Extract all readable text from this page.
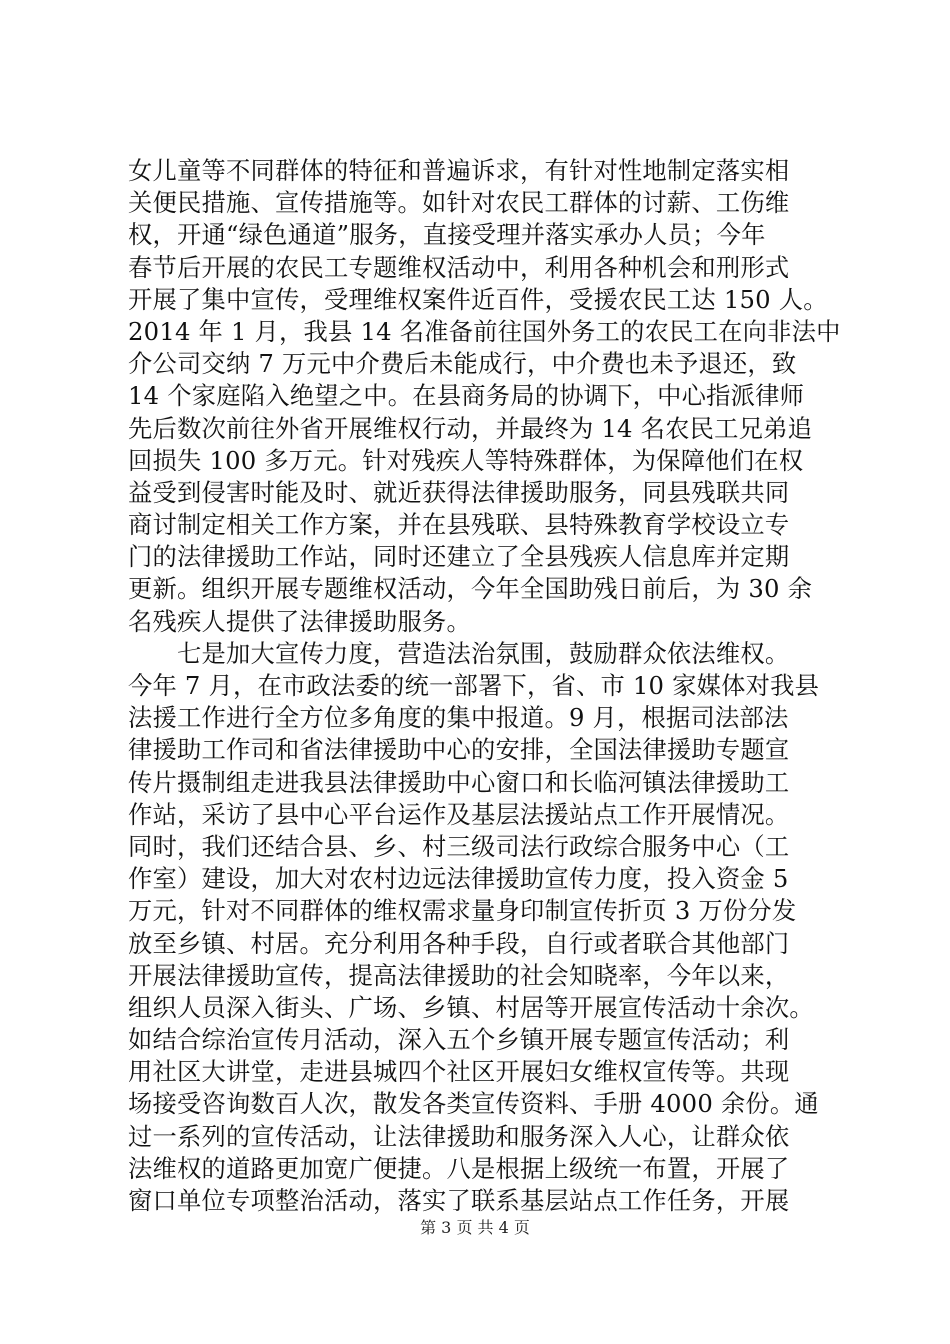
女儿童等不同群体的特征和普遍诉求，有针对性地制定落实相
关便民措施、宣传措施等。如针对农民工群体的讨薪、工伤维
权，开通“绿色通道”服务，直接受理并落实承办人员；今年
春节后开展的农民工专题维权活动中，利用各种机会和刑形式
开展了集中宣传，受理维权案件近百件，受援农民工达 150 人。
2014 年 1 月，我县 14 名准备前往国外务工的农民工在向非法中
介公司交纳 7 万元中介费后未能成行，中介费也未予退还，致
14 个家庭陷入绝望之中。在县商务局的协调下，中心指派律师
先后数次前往外省开展维权行动，并最终为 14 名农民工兄弟追
回损失 100 多万元。针对残疾人等特殊群体，为保障他们在权
益受到侵害时能及时、就近获得法律援助服务，同县残联共同
商讨制定相关工作方案，并在县残联、县特殊教育学校设立专
门的法律援助工作站，同时还建立了全县残疾人信息库并定期
更新。组织开展专题维权活动，今年全国助残日前后，为 30 余
名残疾人提供了法律援助服务。
七是加大宣传力度，营造法治氛围，鼓励群众依法维权。
今年 7 月，在市政法委的统一部署下，省、市 10 家媒体对我县
法援工作进行全方位多角度的集中报道。9 月，根据司法部法
律援助工作司和省法律援助中心的安排，全国法律援助专题宣
传片摄制组走进我县法律援助中心窗口和长临河镇法律援助工
作站，采访了县中心平台运作及基层法援站点工作开展情况。
同时，我们还结合县、乡、村三级司法行政综合服务中心（工
作室）建设，加大对农村边远法律援助宣传力度，投入资金 5
万元，针对不同群体的维权需求量身印制宣传折页 3 万份分发
放至乡镇、村居。充分利用各种手段，自行或者联合其他部门
开展法律援助宣传，提高法律援助的社会知晓率，今年以来，
组织人员深入街头、广场、乡镇、村居等开展宣传活动十余次。
如结合综治宣传月活动，深入五个乡镇开展专题宣传活动；利
用社区大讲堂，走进县城四个社区开展妇女维权宣传等。共现
场接受咨询数百人次，散发各类宣传资料、手册 4000 余份。通
过一系列的宣传活动，让法律援助和服务深入人心，让群众依
法维权的道路更加宽广便捷。八是根据上级统一布置，开展了
窗口单位专项整治活动，落实了联系基层站点工作任务，开展
第 3 页 共 4 页
